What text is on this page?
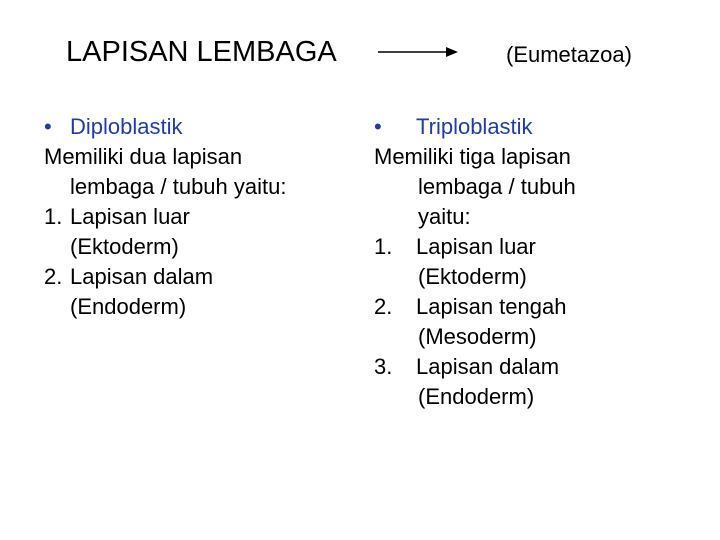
LAPISAN LEMBAGA	(Eumetazoa)
• Diploblastik
Memiliki dua lapisan
lembaga / tubuh yaitu:
1. Lapisan luar
(Ektoderm)
2. Lapisan dalam
(Endoderm)
• Triploblastik
Memiliki tiga lapisan
lembaga / tubuh
yaitu:
1. Lapisan luar
(Ektoderm)
2. Lapisan tengah
(Mesoderm)
3. Lapisan dalam
(Endoderm)
